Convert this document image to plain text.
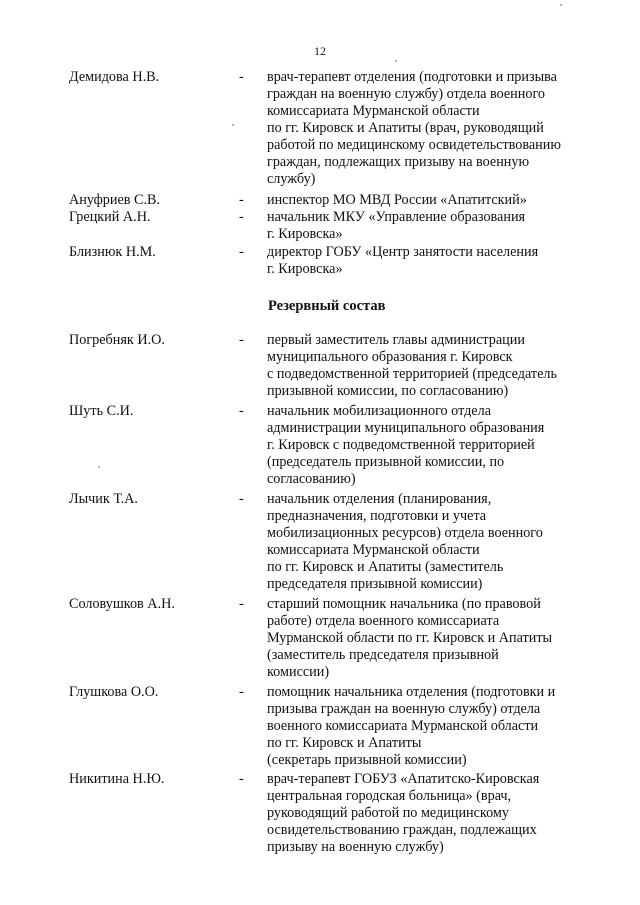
12
Демидова Н.В.	- врач-терапевт отделения (подготовки и призыва
граждан на военную службу) отдела военного
комиссариата Мурманской области
по гг. Кировск и Апатиты (врач, руководящий
работой по медицинскому освидетельствованию
граждан, подлежащих призыву на военную
службу)
Ануфриев С.В.	- инспектор МО МВД России «Апатитский»
Грецкий А.Н.	- начальник МКУ «Управление образования
г. Кировска»
Близнюк Н.М.	- директор ГОБУ «Центр занятости населения
г. Кировска»
Резервный состав
Погребняк И.О.	- первый заместитель главы администрации
муниципального образования г. Кировск
с подведомственной территорией (председатель
призывной комиссии, по согласованию)
Шуть С.И.	- начальник мобилизационного отдела
администрации муниципального образования
г. Кировск с подведомственной территорией
(председатель призывной комиссии, по
согласованию)
Лычик Т.А.	- начальник отделения (планирования,
предназначения, подготовки и учета
мобилизационных ресурсов) отдела военного
комиссариата Мурманской области
по гг. Кировск и Апатиты (заместитель
председателя призывной комиссии)
Соловушков А.Н.	- старший помощник начальника (по правовой
работе) отдела военного комиссариата
Мурманской области по гг. Кировск и Апатиты
(заместитель председателя призывной
комиссии)
Глушкова О.О.	- помощник начальника отделения (подготовки и
призыва граждан на военную службу) отдела
военного комиссариата Мурманской области
по гг. Кировск и Апатиты
(секретарь призывной комиссии)
Никитина Н.Ю.	- врач-терапевт ГОБУЗ «Апатитско-Кировская
центральная городская больница» (врач,
руководящий работой по медицинскому
освидетельствованию граждан, подлежащих
призыву на военную службу)
